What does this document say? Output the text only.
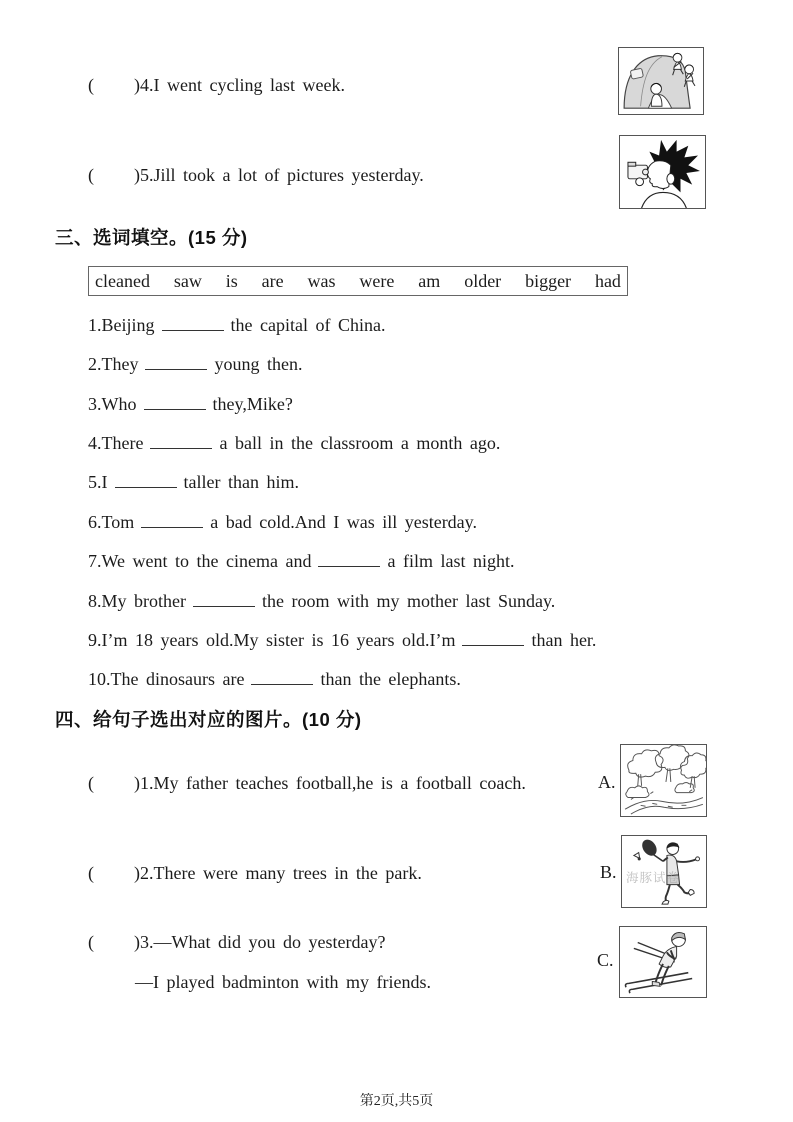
( )4.I went cycling last week.
( )5.Jill took a lot of pictures yesterday.
三、选词填空。(15 分)
cleaned saw is are was were am older bigger had
1.Beijing	the capital of China.
2.They	young then.
3.Who	they,Mike?
4.There	a ball in the classroom a month ago.
5.I	taller than him.
6.Tom	a bad cold.And I was ill yesterday.
7.We went to the cinema and	a film last night.
8.My brother	the room with my mother last Sunday.
9.I’m 18 years old.My sister is 16 years old.I’m	than her.
10.The dinosaurs are	than the elephants.
四、给句子选出对应的图片。(10 分)
( )1.My father teaches football,he is a football coach.	A.
( )2.There were many trees in the park.	B.
( )3.—What did you do yesterday?
—I played badminton with my friends.
C.
海豚试卷
第2页,共5页
